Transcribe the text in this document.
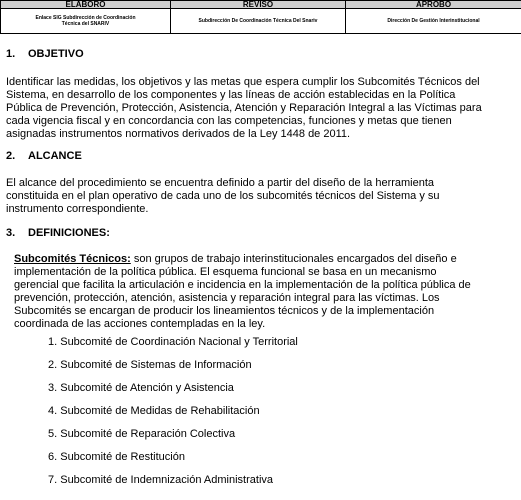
ELABORÓ	REVISÓ	APROBO

Enlace SIG Subdirección de Coordinación
Técnica del SNARIV	Subdirección De Coordinación Técnica Del Snariv	Dirección De Gestión Interinstitucional
1. OBJETIVO
Identificar las medidas, los objetivos y las metas que espera cumplir los Subcomités Técnicos del
Sistema, en desarrollo de los componentes y las líneas de acción establecidas en la Política
Pública de Prevención, Protección, Asistencia, Atención y Reparación Integral a las Víctimas para
cada vigencia fiscal y en concordancia con las competencias, funciones y metas que tienen
asignadas instrumentos normativos derivados de la Ley 1448 de 2011.
2. ALCANCE
El alcance del procedimiento se encuentra definido a partir del diseño de la herramienta
constituida en el plan operativo de cada uno de los subcomités técnicos del Sistema y su
instrumento correspondiente.
3. DEFINICIONES:
Subcomités Técnicos: son grupos de trabajo interinstitucionales encargados del diseño e
implementación de la política pública. El esquema funcional se basa en un mecanismo
gerencial que facilita la articulación e incidencia en la implementación de la política pública de
prevención, protección, atención, asistencia y reparación integral para las víctimas. Los
Subcomités se encargan de producir los lineamientos técnicos y de la implementación
coordinada de las acciones contempladas en la ley.
1. Subcomité de Coordinación Nacional y Territorial
2. Subcomité de Sistemas de Información
3. Subcomité de Atención y Asistencia
4. Subcomité de Medidas de Rehabilitación
5. Subcomité de Reparación Colectiva
6. Subcomité de Restitución
7. Subcomité de Indemnización Administrativa
